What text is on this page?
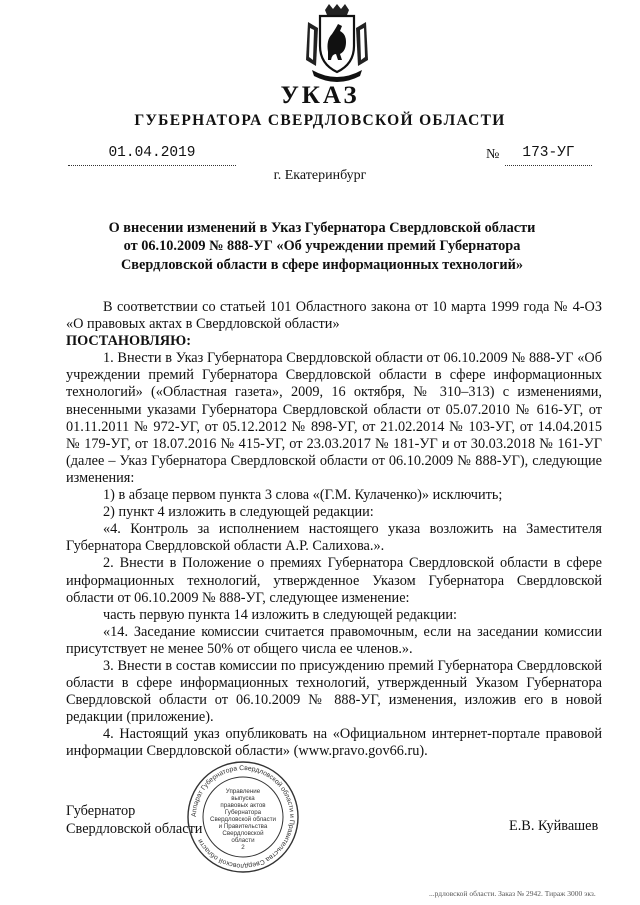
УКАЗ
ГУБЕРНАТОРА СВЕРДЛОВСКОЙ ОБЛАСТИ
01.04.2019	№	173-УГ
г. Екатеринбург
О внесении изменений в Указ Губернатора Свердловской области
от 06.10.2009 № 888-УГ «Об учреждении премий Губернатора
Свердловской области в сфере информационных технологий»

В соответствии со статьей 101 Областного закона от 10 марта 1999 года № 4-ОЗ «О правовых актах в Свердловской области»

ПОСТАНОВЛЯЮ:

1. Внести в Указ Губернатора Свердловской области от 06.10.2009 № 888-УГ «Об учреждении премий Губернатора Свердловской области в сфере информационных технологий» («Областная газета», 2009, 16 октября, № 310–313) с изменениями, внесенными указами Губернатора Свердловской области от 05.07.2010 № 616-УГ, от 01.11.2011 № 972-УГ, от 05.12.2012 № 898-УГ, от 21.02.2014 № 103-УГ, от 14.04.2015 № 179-УГ, от 18.07.2016 № 415-УГ, от 23.03.2017 № 181-УГ и от 30.03.2018 № 161-УГ (далее – Указ Губернатора Свердловской области от 06.10.2009 № 888-УГ), следующие изменения:

1) в абзаце первом пункта 3 слова «(Г.М. Кулаченко)» исключить;

2) пункт 4 изложить в следующей редакции:

«4. Контроль за исполнением настоящего указа возложить на Заместителя Губернатора Свердловской области А.Р. Салихова.».

2. Внести в Положение о премиях Губернатора Свердловской области в сфере информационных технологий, утвержденное Указом Губернатора Свердловской области от 06.10.2009 № 888-УГ, следующее изменение:

часть первую пункта 14 изложить в следующей редакции:

«14. Заседание комиссии считается правомочным, если на заседании комиссии присутствует не менее 50% от общего числа ее членов.».

3. Внести в состав комиссии по присуждению премий Губернатора Свердловской области в сфере информационных технологий, утвержденный Указом Губернатора Свердловской области от 06.10.2009 № 888-УГ, изменения, изложив его в новой редакции (приложение).

4. Настоящий указ опубликовать на «Официальном интернет-портале правовой информации Свердловской области» (www.pravo.gov66.ru).

Губернатор
Свердловской области	Е.В. Куйвашев
Аппарат Губернатора Свердловской области и Правительства Свердловской области
Управление
выпуска
правовых актов
Губернатора
Свердловской области
и Правительства
Свердловской
области
2
...рдловской области. Заказ № 2942. Тираж 3000 экз.
